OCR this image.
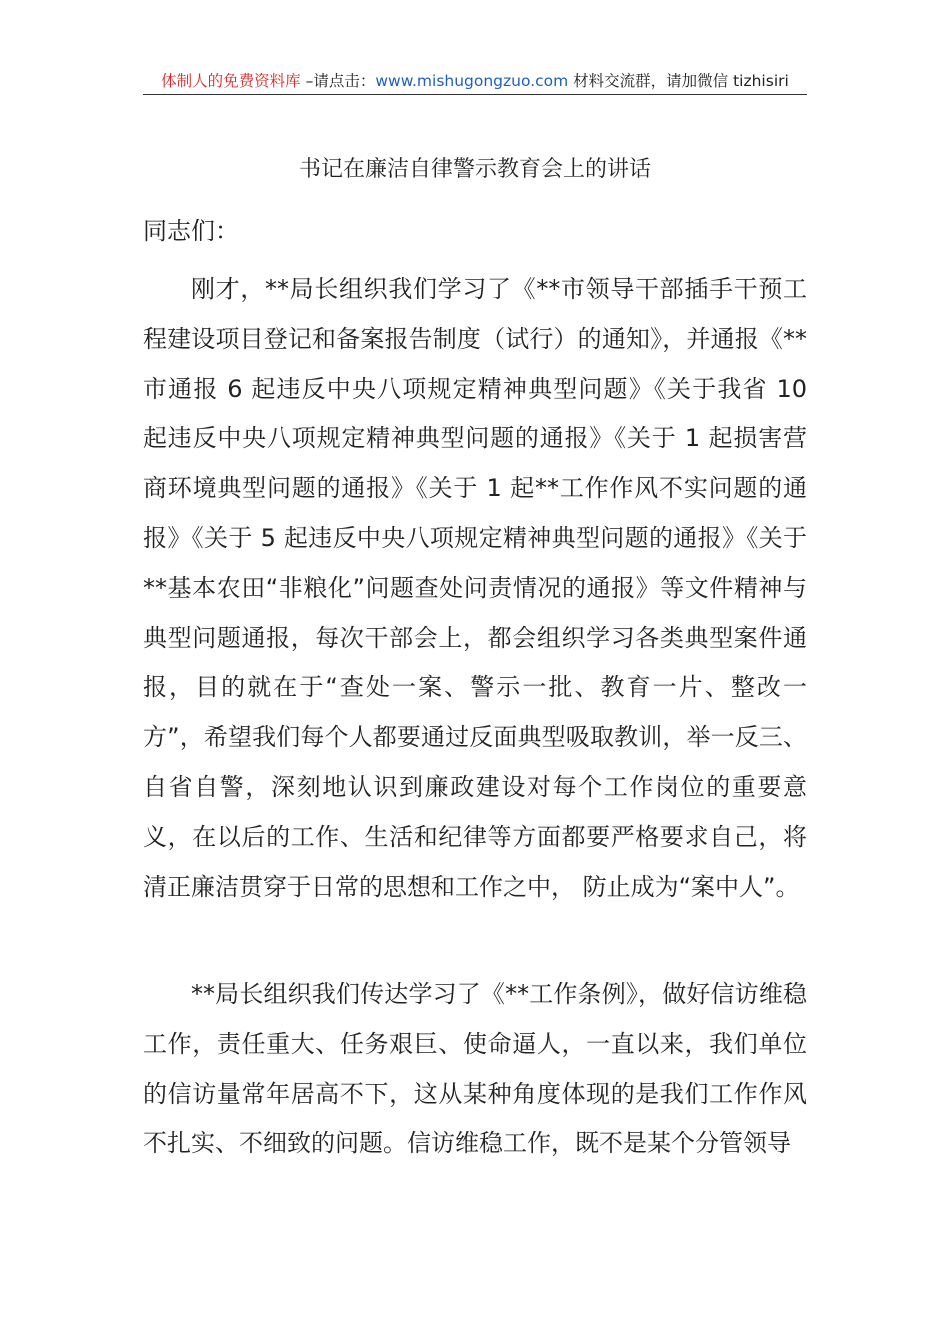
体制人的免费资料库 –请点击：www.mishugongzuo.com 材料交流群，请加微信 tizhisiri
书记在廉洁自律警示教育会上的讲话
同志们：

刚才，**局长组织我们学习了《**市领导干部插手干预工程建设项目登记和备案报告制度（试行）的通知》，并通报《**市通报 6 起违反中央八项规定精神典型问题》《关于我省 10 起违反中央八项规定精神典型问题的通报》《关于 1 起损害营商环境典型问题的通报》《关于 1 起**工作作风不实问题的通报》《关于 5 起违反中央八项规定精神典型问题的通报》《关于**基本农田“非粮化”问题查处问责情况的通报》等文件精神与典型问题通报，每次干部会上，都会组织学习各类典型案件通报，目的就在于“查处一案、警示一批、教育一片、整改一方”，希望我们每个人都要通过反面典型吸取教训，举一反三、自省自警，深刻地认识到廉政建设对每个工作岗位的重要意义，在以后的工作、生活和纪律等方面都要严格要求自己，将清正廉洁贯穿于日常的思想和工作之中， 防止成为“案中人”。

**局长组织我们传达学习了《**工作条例》，做好信访维稳工作，责任重大、任务艰巨、使命逼人，一直以来，我们单位的信访量常年居高不下，这从某种角度体现的是我们工作作风不扎实、不细致的问题。信访维稳工作，既不是某个分管领导
